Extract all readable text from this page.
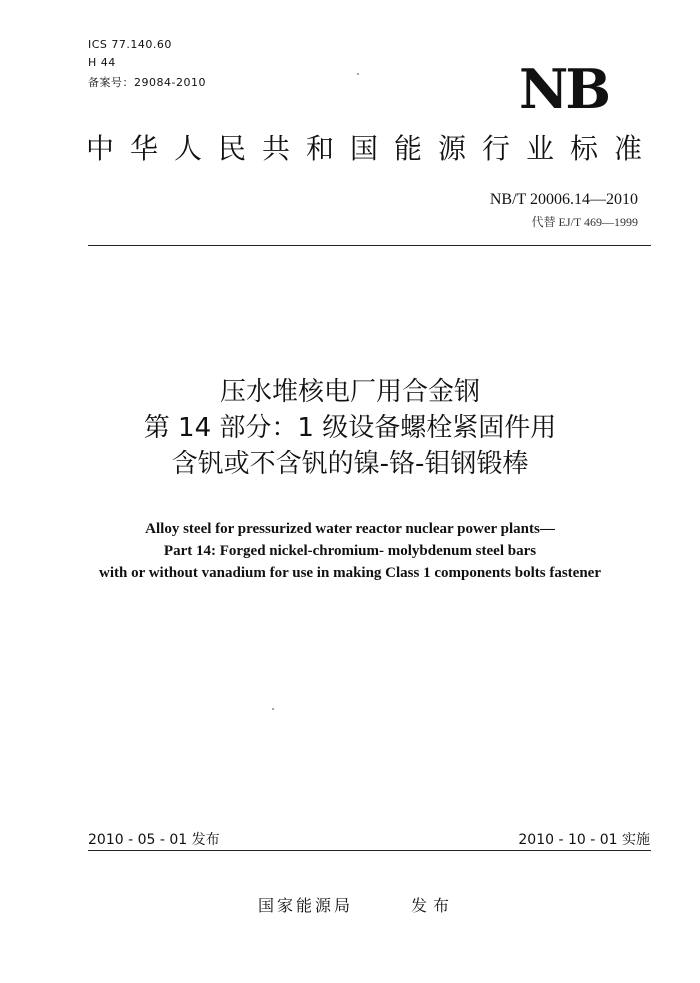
ICS 77.140.60
H 44
备案号：29084-2010	NB
中华人民共和国能源行业标准
NB/T 20006.14—2010
代替 EJ/T 469—1999
压水堆核电厂用合金钢
第 14 部分：1 级设备螺栓紧固件用
含钒或不含钒的镍-铬-钼钢锻棒
Alloy steel for pressurized water reactor nuclear power plants—
Part 14: Forged nickel-chromium- molybdenum steel bars
with or without vanadium for use in making Class 1 components bolts fastener
2010 - 05 - 01 发布	2010 - 10 - 01 实施
国家能源局	发布
